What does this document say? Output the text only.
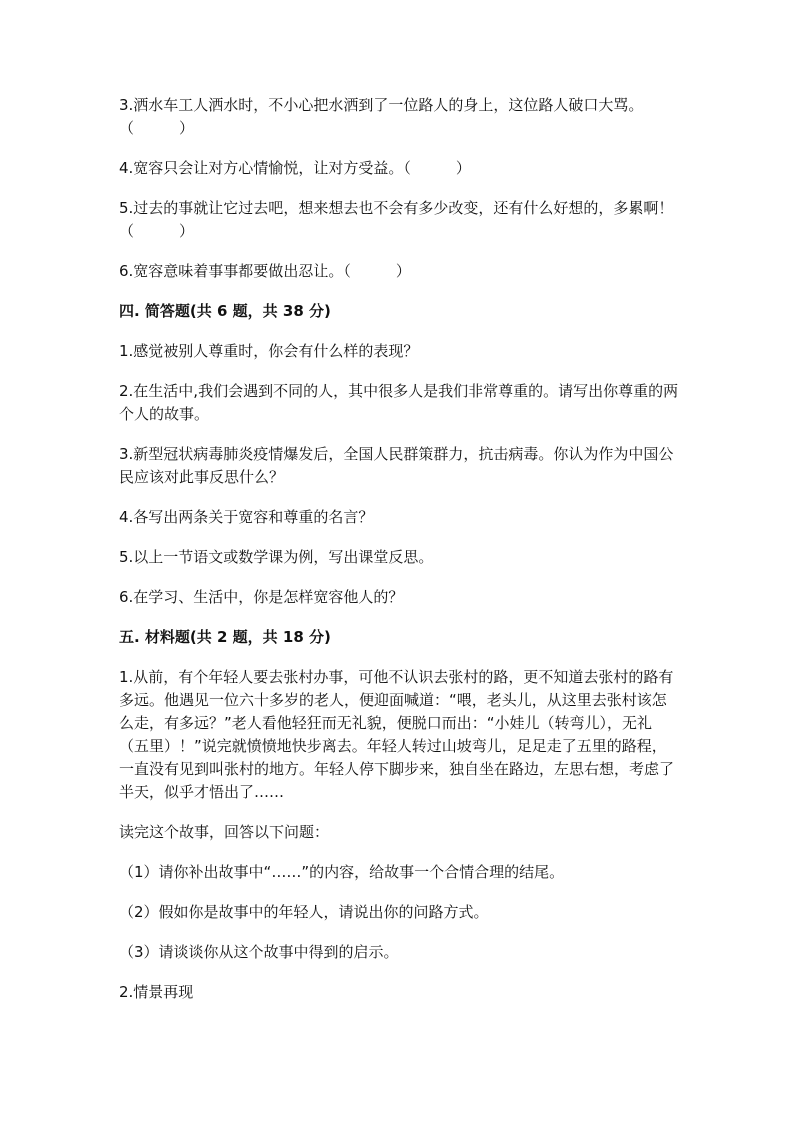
3.洒水车工人洒水时，不小心把水洒到了一位路人的身上，这位路人破口大骂。（　　　）

4.宽容只会让对方心情愉悦，让对方受益。（　　　）

5.过去的事就让它过去吧，想来想去也不会有多少改变，还有什么好想的，多累啊！（　　　）

6.宽容意味着事事都要做出忍让。（　　　）

四. 简答题(共 6 题，共 38 分)

1.感觉被别人尊重时，你会有什么样的表现？

2.在生活中,我们会遇到不同的人，其中很多人是我们非常尊重的。请写出你尊重的两个人的故事。

3.新型冠状病毒肺炎疫情爆发后，全国人民群策群力，抗击病毒。你认为作为中国公民应该对此事反思什么？

4.各写出两条关于宽容和尊重的名言？

5.以上一节语文或数学课为例，写出课堂反思。

6.在学习、生活中，你是怎样宽容他人的？

五. 材料题(共 2 题，共 18 分)

1.从前，有个年轻人要去张村办事，可他不认识去张村的路，更不知道去张村的路有多远。他遇见一位六十多岁的老人，便迎面喊道：“喂，老头儿，从这里去张村该怎么走，有多远？”老人看他轻狂而无礼貌，便脱口而出：“小娃儿（转弯儿），无礼（五里）！”说完就愤愤地快步离去。年轻人转过山坡弯儿，足足走了五里的路程，一直没有见到叫张村的地方。年轻人停下脚步来，独自坐在路边，左思右想，考虑了半天，似乎才悟出了……

读完这个故事，回答以下问题：

（1）请你补出故事中“……”的内容，给故事一个合情合理的结尾。

（2）假如你是故事中的年轻人，请说出你的问路方式。

（3）请谈谈你从这个故事中得到的启示。

2.情景再现
